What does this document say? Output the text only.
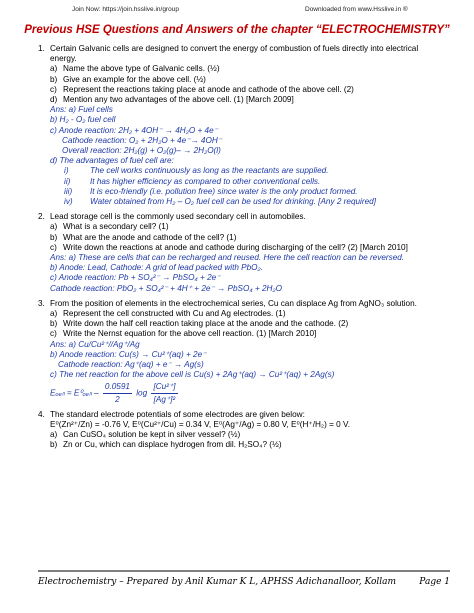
Join Now: https://join.hsslive.in/group	Downloaded from www.Hsslive.in ®
Previous HSE Questions and Answers of the chapter “ELECTROCHEMISTRY”
1. Certain Galvanic cells are designed to convert the energy of combustion of fuels directly into electrical
energy.
a) Name the above type of Galvanic cells. (½)
b) Give an example for the above cell. (½)
c) Represent the reactions taking place at anode and cathode of the above cell. (2)
d) Mention any two advantages of the above cell. (1) [March 2009]
Ans: a) Fuel cells
b) H₂ - O₂ fuel cell
c) Anode reaction: 2H₂ + 4OH⁻ → 4H₂O + 4e⁻
Cathode reaction: O₂ + 2H₂O + 4e⁻→ 4OH⁻
Overall reaction: 2H₂(g) + O₂(g)– → 2H₂O(l)
d) The advantages of fuel cell are:
i)	The cell works continuously as long as the reactants are supplied.
ii) It has higher efficiency as compared to other conventional cells.
iii) It is eco-friendly (i.e. pollution free) since water is the only product formed.
iv) Water obtained from H₂ – O₂ fuel cell can be used for drinking. [Any 2 required]
2. Lead storage cell is the commonly used secondary cell in automobiles.
a) What is a secondary cell? (1)
b) What are the anode and cathode of the cell? (1)
c) Write down the reactions at anode and cathode during discharging of the cell? (2) [March 2010]
Ans: a) These are cells that can be recharged and reused. Here the cell reaction can be reversed.
b) Anode: Lead, Cathode: A grid of lead packed with PbO₂.
c) Anode reaction: Pb + SO₄²⁻ → PbSO₄ + 2e⁻
Cathode reaction: PbO₂ + SO₄²⁻ + 4H⁺ + 2e⁻ → PbSO₄ + 2H₂O
3. From the position of elements in the electrochemical series, Cu can displace Ag from AgNO₃ solution.
a) Represent the cell constructed with Cu and Ag electrodes. (1)
b) Write down the half cell reaction taking place at the anode and the cathode. (2)
c) Write the Nernst equation for the above cell reaction. (1) [March 2010]
Ans: a) Cu/Cu²⁺//Ag⁺/Ag
b) Anode reaction: Cu(s) → Cu²⁺(aq) + 2e⁻
Cathode reaction: Ag⁺(aq) + e⁻ → Ag(s)
c) The net reaction for the above cell is Cu(s) + 2Ag⁺(aq) → Cu²⁺(aq) + 2Ag(s)
$E_{oell} = E^0_{oell} - \frac{0.0591}{2}$ $\log \frac{\text{[Cu²⁺]}}{\text{[Ag⁺]²}}$
4. The standard electrode potentials of some electrodes are given below:
E⁰(Zn²⁺/Zn) = -0.76 V, E⁰(Cu²⁺/Cu) = 0.34 V, E⁰(Ag⁺/Ag) = 0.80 V, E⁰(H⁺/H₂) = 0 V.
a) Can CuSO₄ solution be kept in silver vessel? (½)
b) Zn or Cu, which can displace hydrogen from dil. H₂SO₄? (½)
Electrochemistry – Prepared by Anil Kumar K L, APHSS Adichanalloor, Kollam	Page 1
